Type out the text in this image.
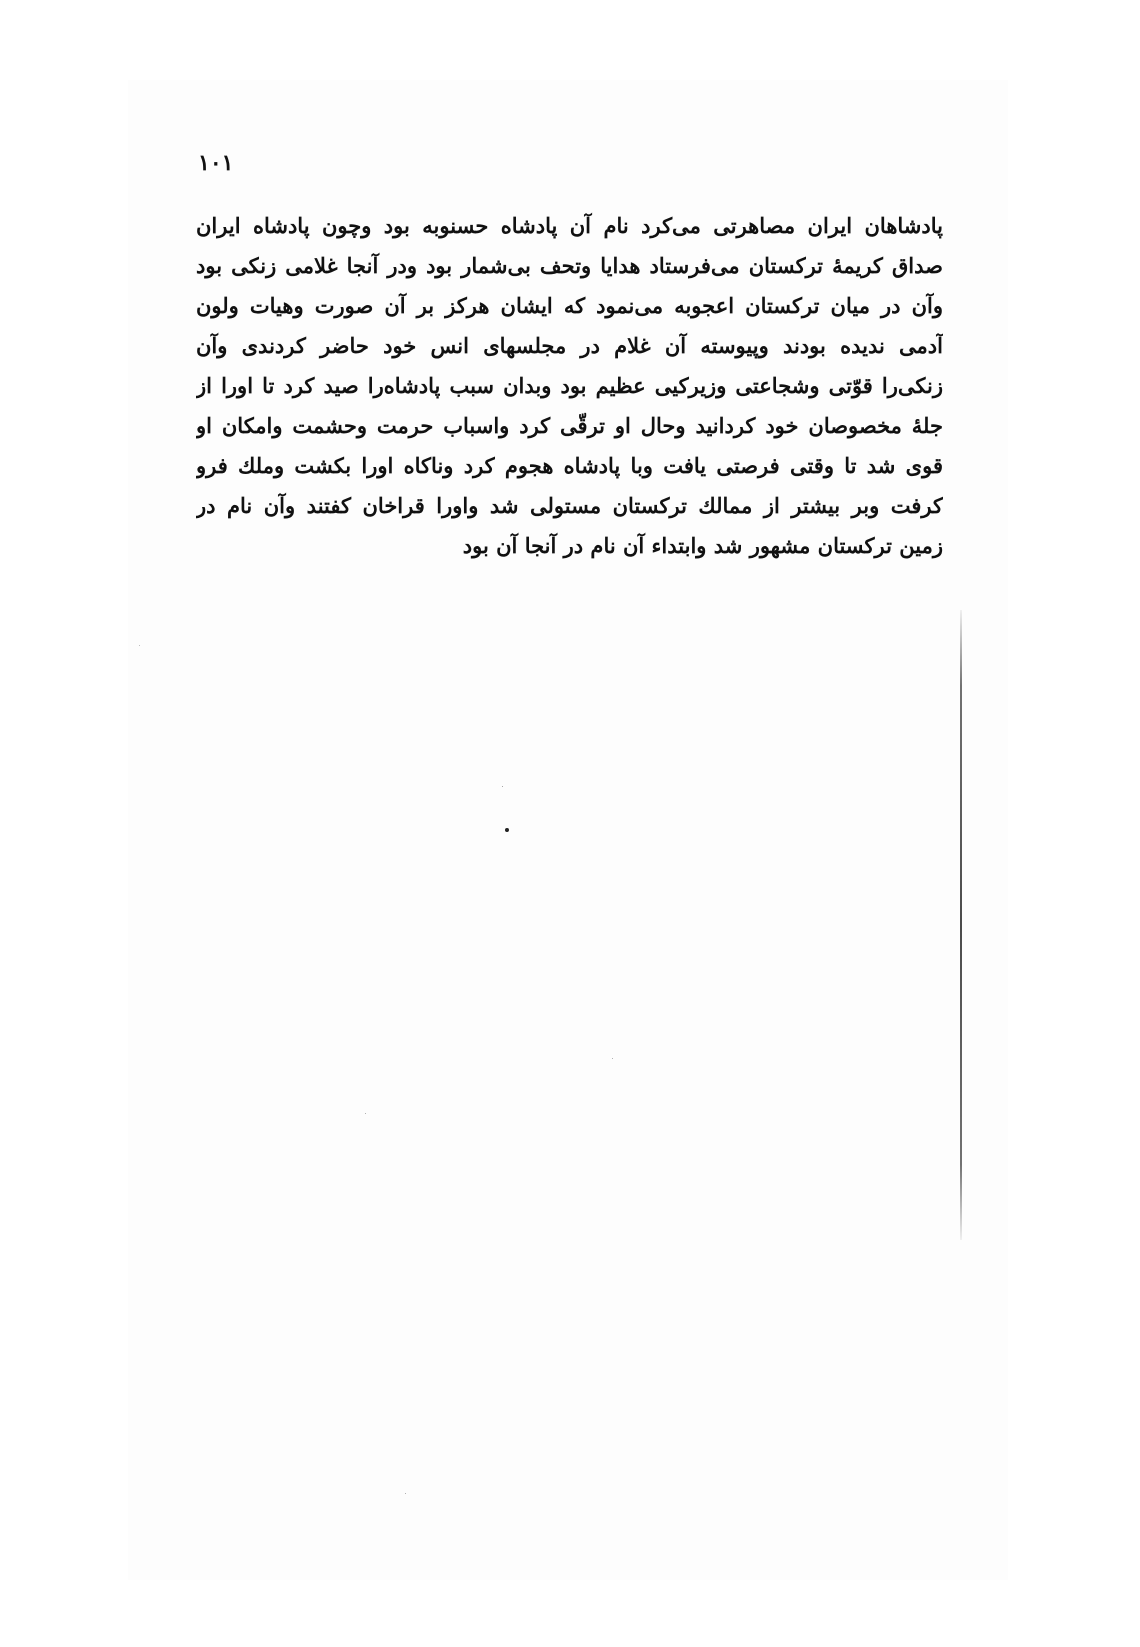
۱۰۱
پادشاهان ایران مصاهرتی می‌کرد نام آن پادشاه حسنوبه بود وچون پادشاه ایران
صداق کریمهٔ ترکستان می‌فرستاد هدایا وتحف بی‌شمار بود ودر آنجا غلامی زنکی بود
وآن در میان ترکستان اعجوبه می‌نمود که ایشان هرکز بر آن صورت وهیات ولون
آدمی ندیده بودند وپیوسته آن غلام در مجلسهای انس خود حاضر کردندی وآن
زنکی‌را قوّتی وشجاعتی وزیرکیی عظیم بود وبدان سبب پادشاه‌را صید کرد تا اورا از
جلهٔ مخصوصان خود کردانید وحال او ترقّی کرد واسباب حرمت وحشمت وامکان او
قوی شد تا وقتی فرصتی یافت وبا پادشاه هجوم کرد وناکاه اورا بکشت وملك فرو
کرفت وبر بیشتر از ممالك ترکستان مستولی شد واورا قراخان کفتند وآن نام در
زمین ترکستان مشهور شد وابتداء آن نام در آنجا آن بود
